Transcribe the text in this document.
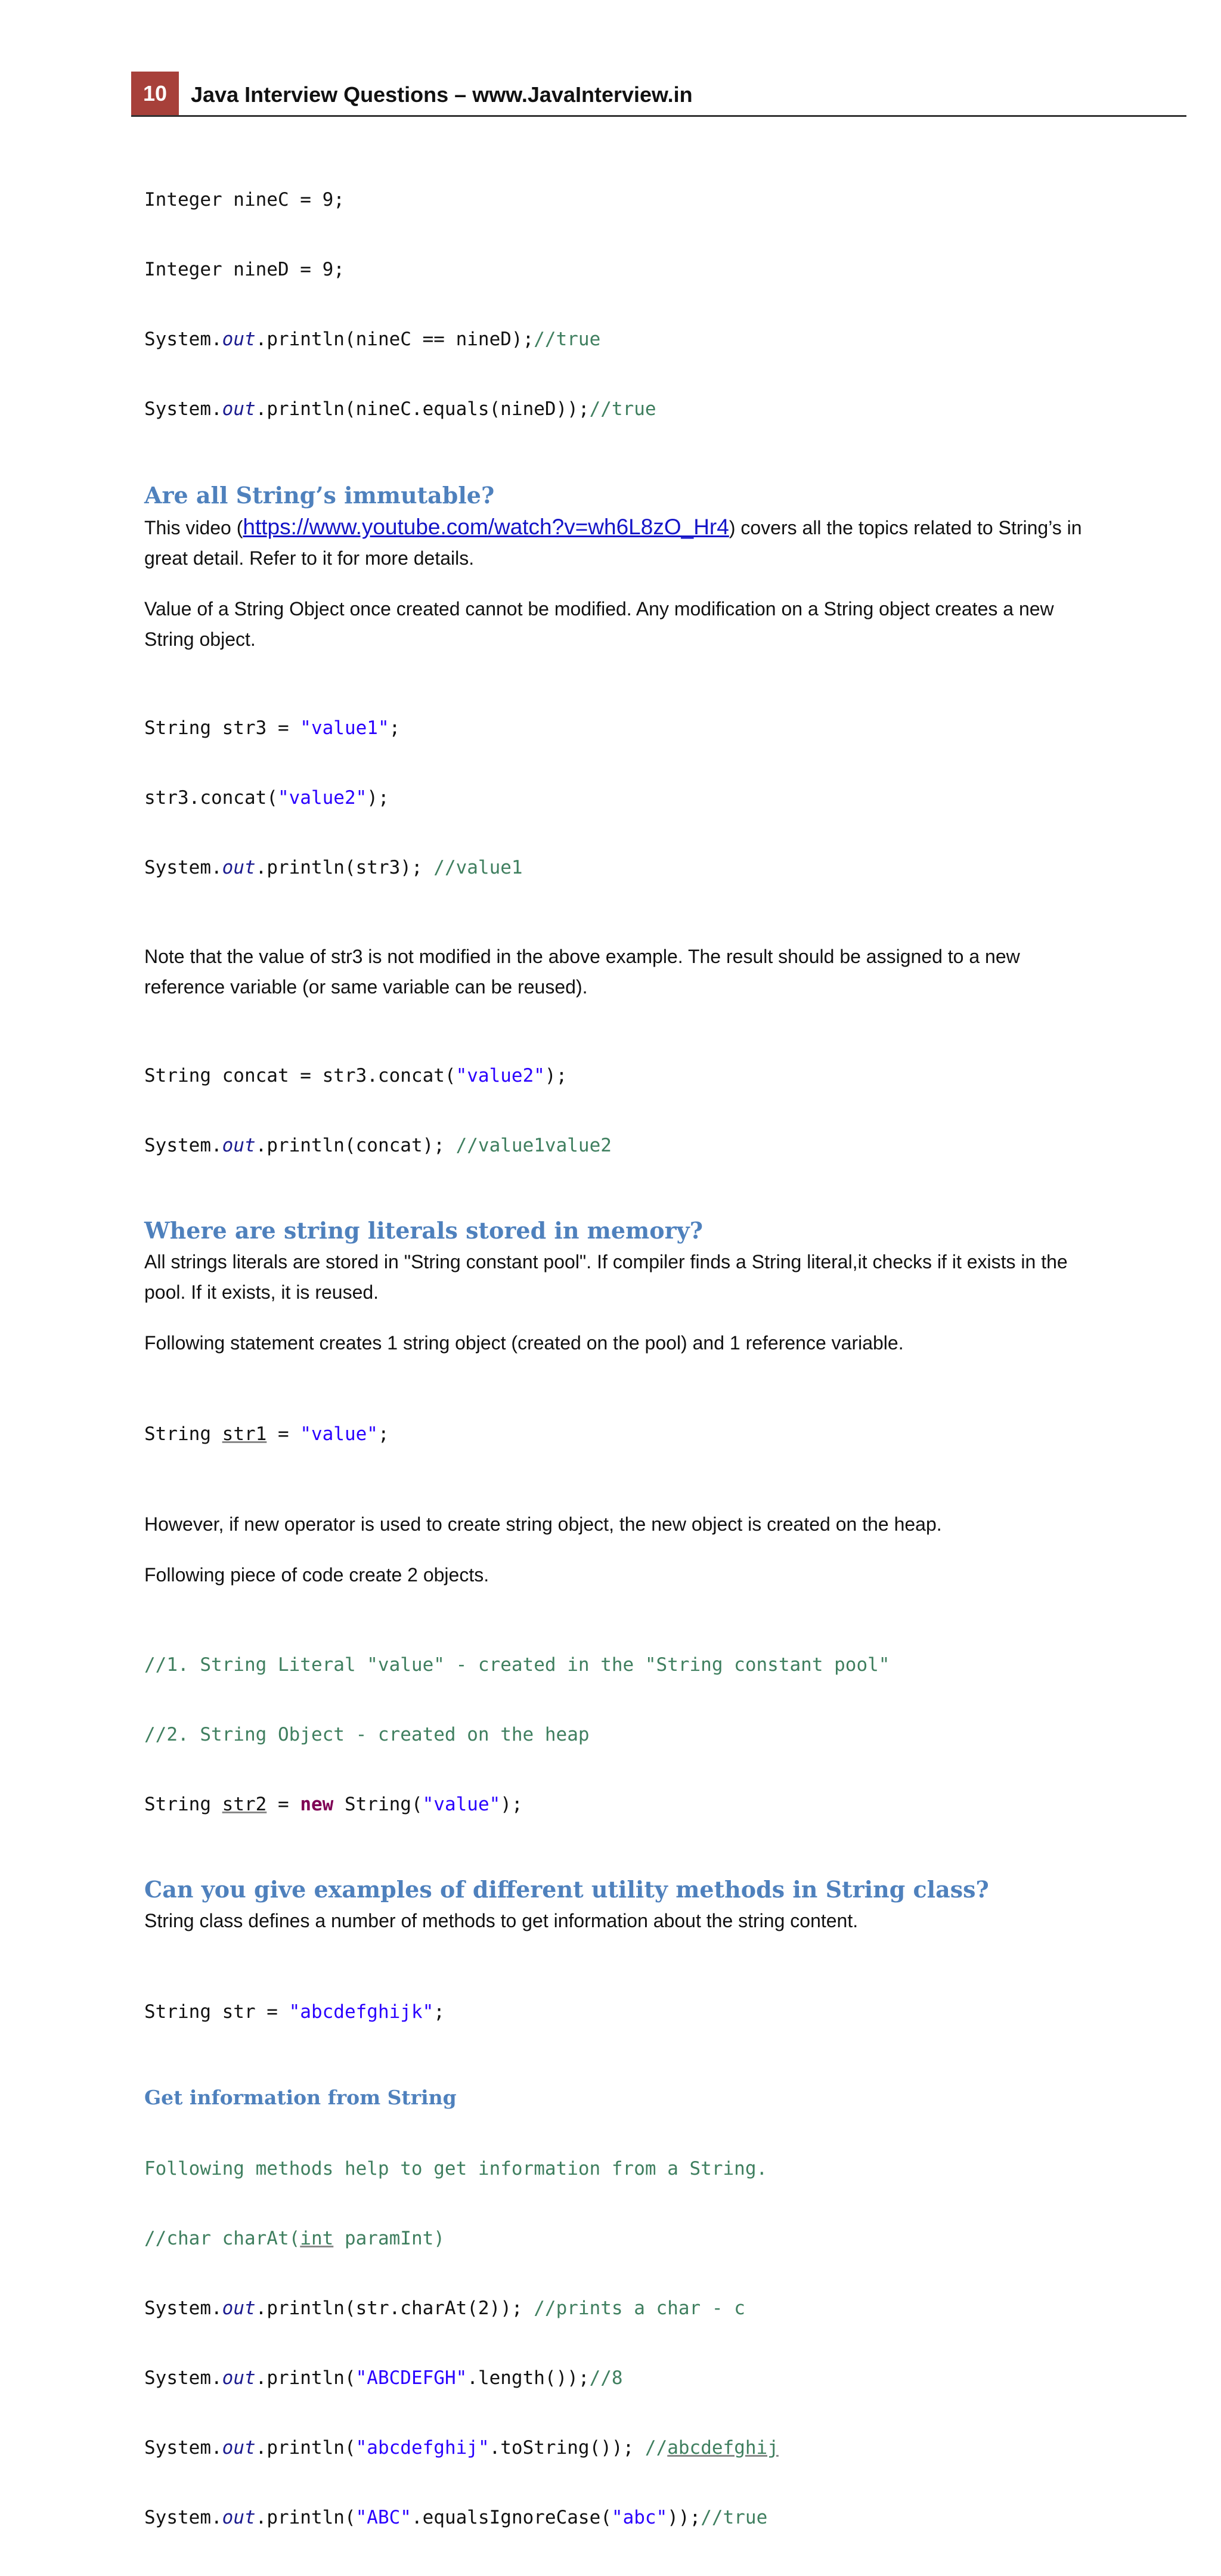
10	Java Interview Questions – www.JavaInterview.in

Integer nineC = 9;

Integer nineD = 9;

System.out.println(nineC == nineD);//true

System.out.println(nineC.equals(nineD));//true

Are all String’s immutable?

This video (https://www.youtube.com/watch?v=wh6L8zO_Hr4) covers all the topics related to String’s in great detail. Refer to it for more details.

Value of a String Object once created cannot be modified. Any modification on a String object creates a new String object.

String str3 = "value1";

str3.concat("value2");

System.out.println(str3); //value1

Note that the value of str3 is not modified in the above example. The result should be assigned to a new reference variable (or same variable can be reused).

String concat = str3.concat("value2");

System.out.println(concat); //value1value2

Where are string literals stored in memory?

All strings literals are stored in "String constant pool". If compiler finds a String literal,it checks if it exists in the pool. If it exists, it is reused.

Following statement creates 1 string object (created on the pool) and 1 reference variable.

String str1 = "value";

However, if new operator is used to create string object, the new object is created on the heap.

Following piece of code create 2 objects.

//1. String Literal "value" - created in the "String constant pool"

//2. String Object - created on the heap

String str2 = new String("value");

Can you give examples of different utility methods in String class?

String class defines a number of methods to get information about the string content.

String str = "abcdefghijk";

Get information from String

Following methods help to get information from a String.

//char charAt(int paramInt)

System.out.println(str.charAt(2)); //prints a char - c

System.out.println("ABCDEFGH".length());//8

System.out.println("abcdefghij".toString()); //abcdefghij

System.out.println("ABC".equalsIgnoreCase("abc"));//true
